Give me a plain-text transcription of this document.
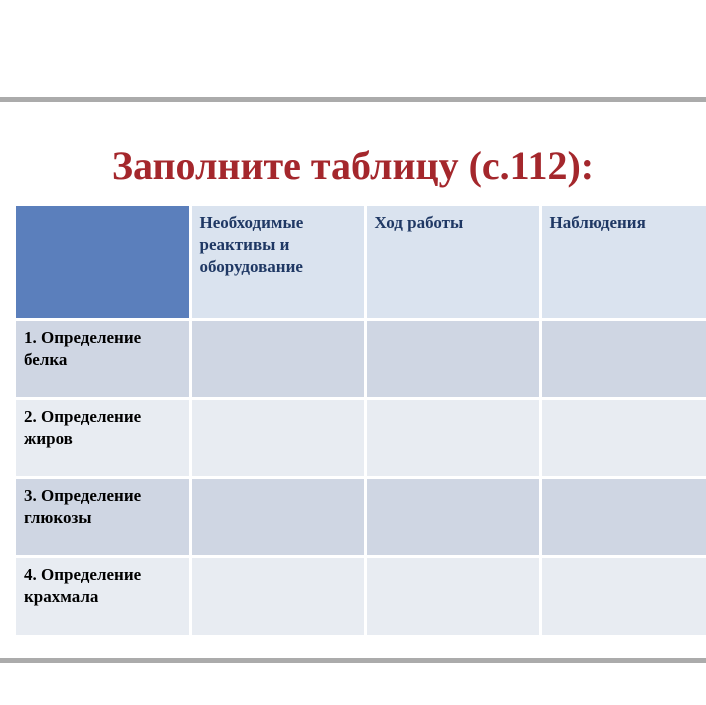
Заполните таблицу (с.112):
	Необходимые реактивы и оборудование	Ход работы	Наблюдения
1. Определение белка			
2. Определение жиров			
3. Определение глюкозы			
4. Определение крахмала			
